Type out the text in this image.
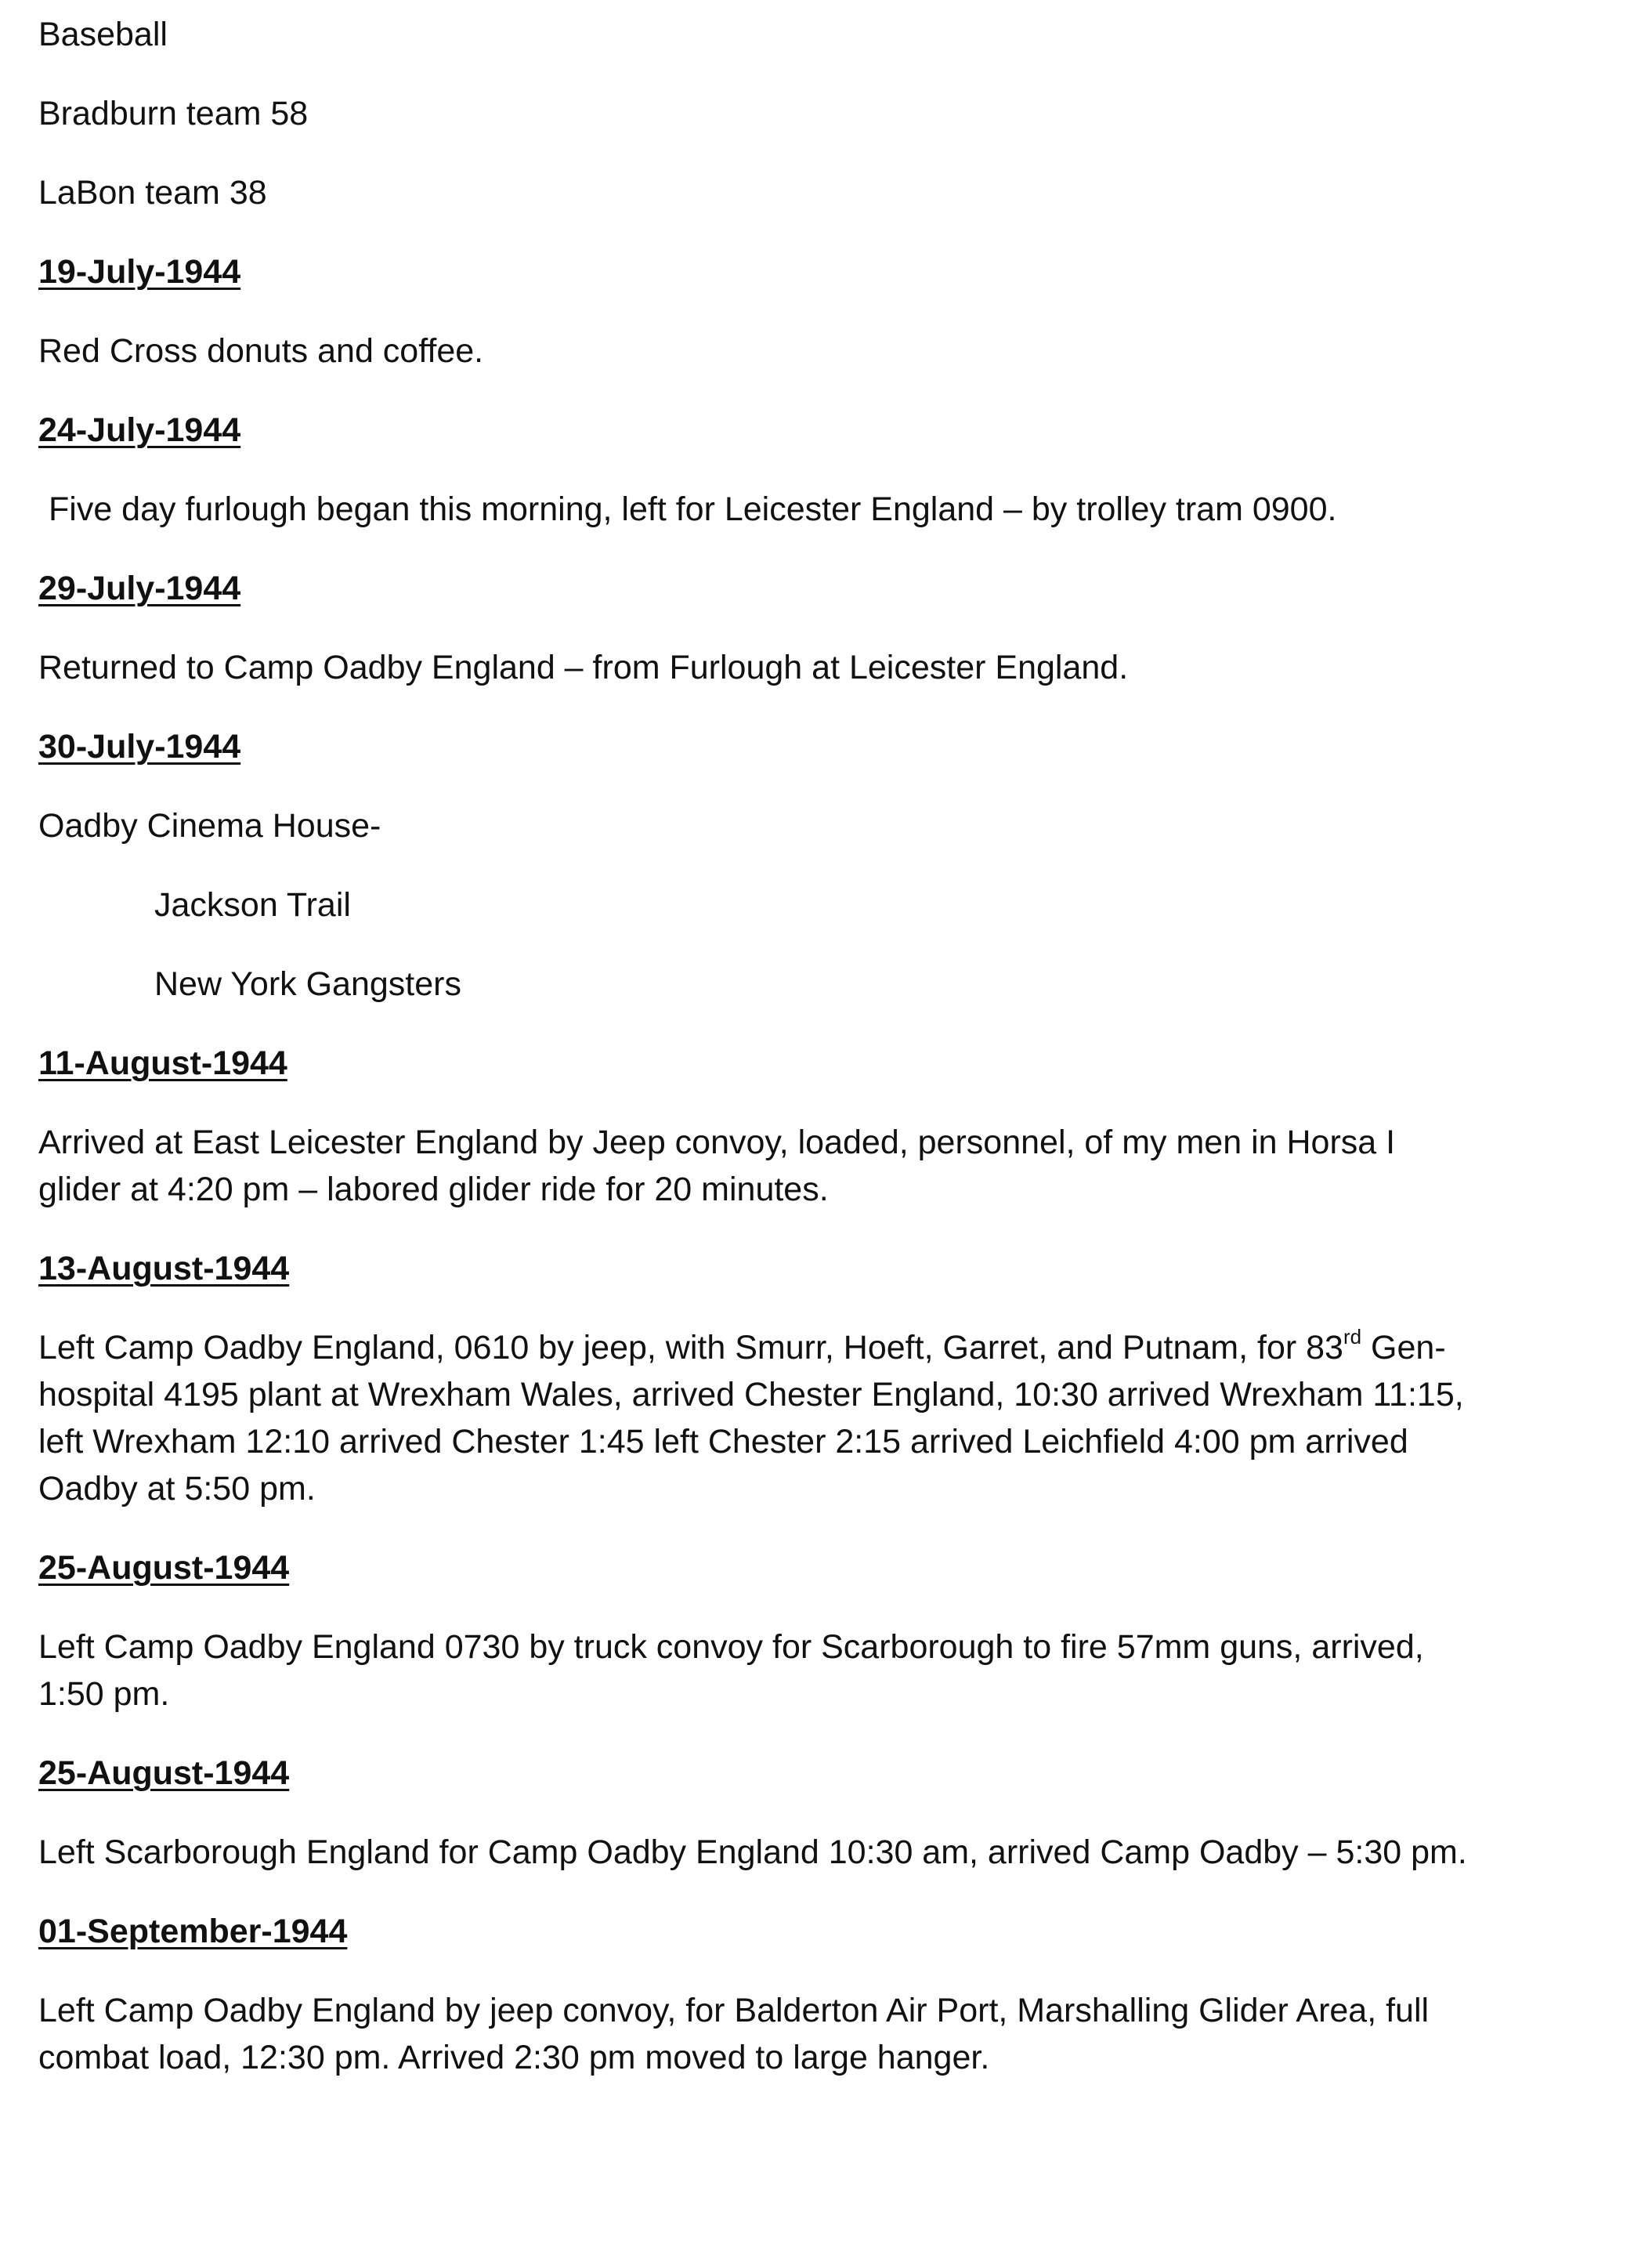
Baseball

Bradburn team 58

LaBon team 38

19-July-1944

Red Cross donuts and coffee.

24-July-1944

Five day furlough began this morning, left for Leicester England – by trolley tram 0900.

29-July-1944

Returned to Camp Oadby England – from Furlough at Leicester England.

30-July-1944

Oadby Cinema House-

Jackson Trail

New York Gangsters

11-August-1944

Arrived at East Leicester England by Jeep convoy, loaded, personnel, of my men in Horsa I
glider at 4:20 pm – labored glider ride for 20 minutes.

13-August-1944

Left Camp Oadby England, 0610 by jeep, with Smurr, Hoeft, Garret, and Putnam, for 83rd Gen-
hospital 4195 plant at Wrexham Wales, arrived Chester England, 10:30 arrived Wrexham 11:15,
left Wrexham 12:10 arrived Chester 1:45 left Chester 2:15 arrived Leichfield 4:00 pm arrived
Oadby at 5:50 pm.

25-August-1944

Left Camp Oadby England 0730 by truck convoy for Scarborough to fire 57mm guns, arrived,
1:50 pm.

25-August-1944

Left Scarborough England for Camp Oadby England 10:30 am, arrived Camp Oadby – 5:30 pm.

01-September-1944

Left Camp Oadby England by jeep convoy, for Balderton Air Port, Marshalling Glider Area, full
combat load, 12:30 pm. Arrived 2:30 pm moved to large hanger.
